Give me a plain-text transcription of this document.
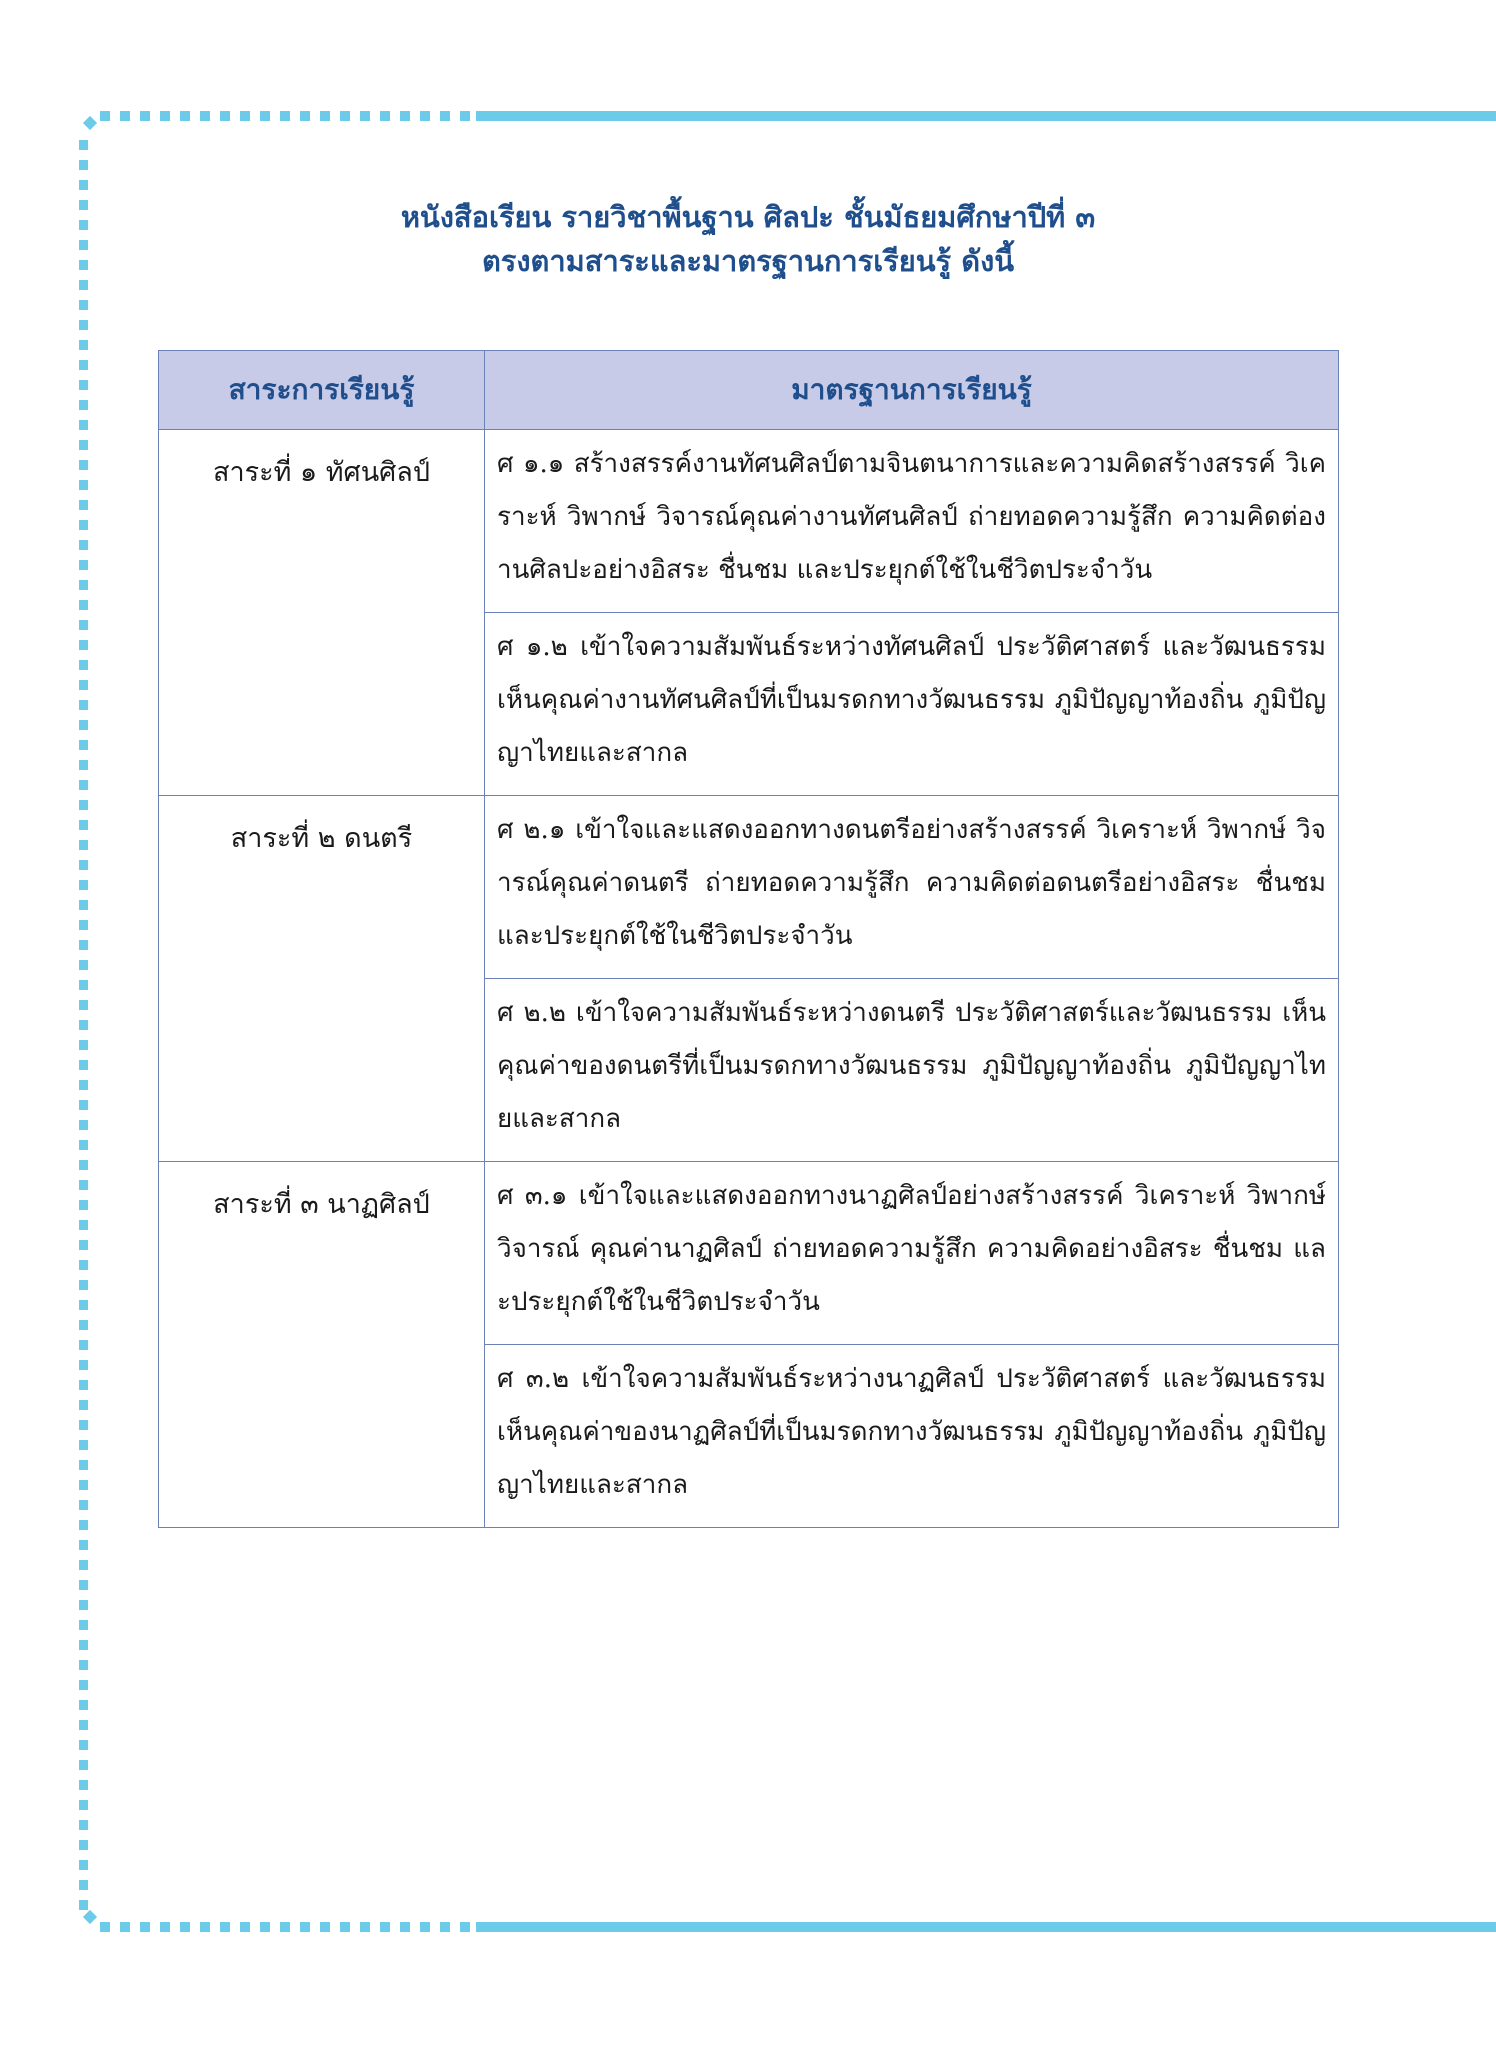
หนังสือเรียน รายวิชาพื้นฐาน ศิลปะ ชั้นมัธยมศึกษาปีที่ ๓
ตรงตามสาระและมาตรฐานการเรียนรู้ ดังนี้
สาระการเรียนรู้	มาตรฐานการเรียนรู้
สาระที่ ๑ ทัศนศิลป์	ศ ๑.๑ สร้างสรรค์งานทัศนศิลป์ตามจินตนาการและความคิดสร้างสรรค์ วิเคราะห์ วิพากษ์ วิจารณ์คุณค่างานทัศนศิลป์ ถ่ายทอดความรู้สึก ความคิดต่องานศิลปะอย่างอิสระ ชื่นชม และประยุกต์ใช้ในชีวิตประจำวัน
	ศ ๑.๒ เข้าใจความสัมพันธ์ระหว่างทัศนศิลป์ ประวัติศาสตร์ และวัฒนธรรม เห็นคุณค่างานทัศนศิลป์ที่เป็นมรดกทางวัฒนธรรม ภูมิปัญญาท้องถิ่น ภูมิปัญญาไทยและสากล
สาระที่ ๒ ดนตรี	ศ ๒.๑ เข้าใจและแสดงออกทางดนตรีอย่างสร้างสรรค์ วิเคราะห์ วิพากษ์ วิจารณ์คุณค่าดนตรี ถ่ายทอดความรู้สึก ความคิดต่อดนตรีอย่างอิสระ ชื่นชม และประยุกต์ใช้ในชีวิตประจำวัน
	ศ ๒.๒ เข้าใจความสัมพันธ์ระหว่างดนตรี ประวัติศาสตร์และวัฒนธรรม เห็นคุณค่าของดนตรีที่เป็นมรดกทางวัฒนธรรม ภูมิปัญญาท้องถิ่น ภูมิปัญญาไทยและสากล
สาระที่ ๓ นาฏศิลป์	ศ ๓.๑ เข้าใจและแสดงออกทางนาฏศิลป์อย่างสร้างสรรค์ วิเคราะห์ วิพากษ์ วิจารณ์ คุณค่านาฏศิลป์ ถ่ายทอดความรู้สึก ความคิดอย่างอิสระ ชื่นชม และประยุกต์ใช้ในชีวิตประจำวัน
	ศ ๓.๒ เข้าใจความสัมพันธ์ระหว่างนาฏศิลป์ ประวัติศาสตร์ และวัฒนธรรม เห็นคุณค่าของนาฏศิลป์ที่เป็นมรดกทางวัฒนธรรม ภูมิปัญญาท้องถิ่น ภูมิปัญญาไทยและสากล
